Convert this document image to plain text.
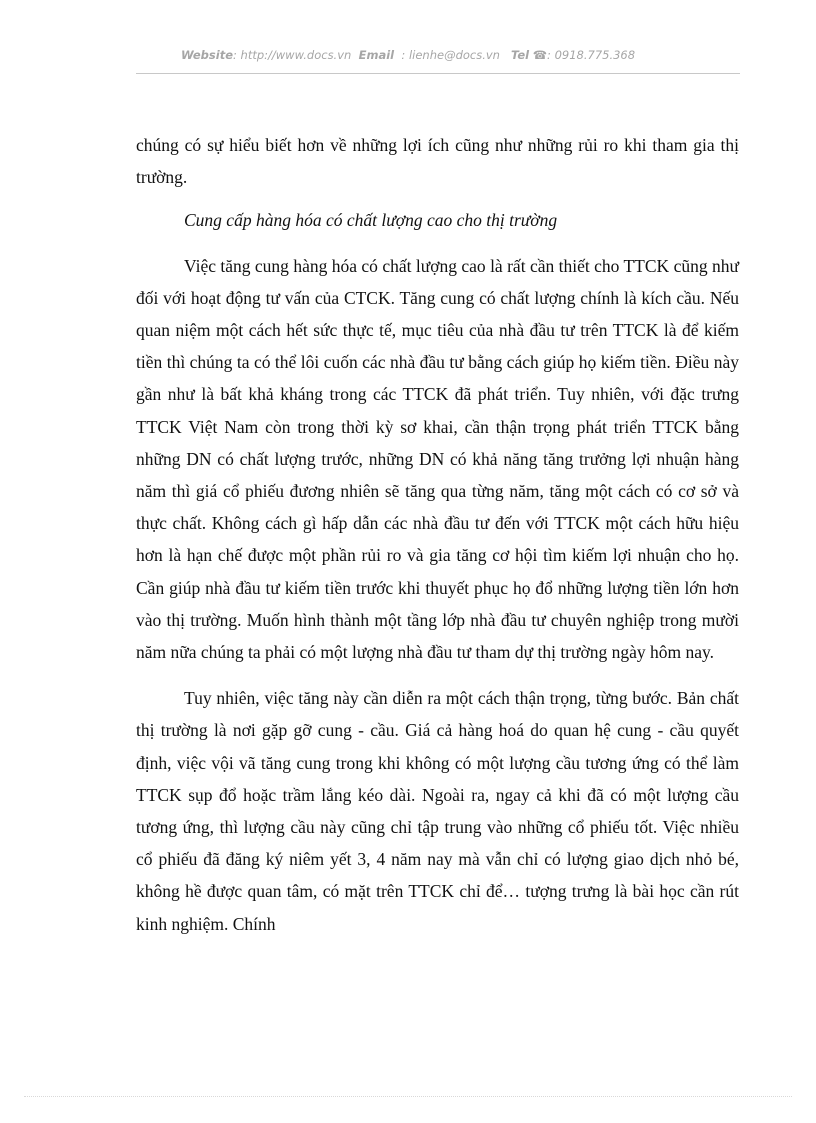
Website: http://www.docs.vn Email : lienhe@docs.vn Tel ☎: 0918.775.368

chúng có sự hiểu biết hơn về những lợi ích cũng như những rủi ro khi tham gia thị trường.

Cung cấp hàng hóa có chất lượng cao cho thị trường

Việc tăng cung hàng hóa có chất lượng cao là rất cần thiết cho TTCK cũng như đối với hoạt động tư vấn của CTCK. Tăng cung có chất lượng chính là kích cầu. Nếu quan niệm một cách hết sức thực tế, mục tiêu của nhà đầu tư trên TTCK là để kiếm tiền thì chúng ta có thể lôi cuốn các nhà đầu tư bằng cách giúp họ kiếm tiền. Điều này gần như là bất khả kháng trong các TTCK đã phát triển. Tuy nhiên, với đặc trưng TTCK Việt Nam còn trong thời kỳ sơ khai, cần thận trọng phát triển TTCK bằng những DN có chất lượng trước, những DN có khả năng tăng trưởng lợi nhuận hàng năm thì giá cổ phiếu đương nhiên sẽ tăng qua từng năm, tăng một cách có cơ sở và thực chất. Không cách gì hấp dẫn các nhà đầu tư đến với TTCK một cách hữu hiệu hơn là hạn chế được một phần rủi ro và gia tăng cơ hội tìm kiếm lợi nhuận cho họ. Cần giúp nhà đầu tư kiếm tiền trước khi thuyết phục họ đổ những lượng tiền lớn hơn vào thị trường. Muốn hình thành một tầng lớp nhà đầu tư chuyên nghiệp trong mười năm nữa chúng ta phải có một lượng nhà đầu tư tham dự thị trường ngày hôm nay.

Tuy nhiên, việc tăng này cần diễn ra một cách thận trọng, từng bước. Bản chất thị trường là nơi gặp gỡ cung - cầu. Giá cả hàng hoá do quan hệ cung - cầu quyết định, việc vội vã tăng cung trong khi không có một lượng cầu tương ứng có thể làm TTCK sụp đổ hoặc trầm lắng kéo dài. Ngoài ra, ngay cả khi đã có một lượng cầu tương ứng, thì lượng cầu này cũng chỉ tập trung vào những cổ phiếu tốt. Việc nhiều cổ phiếu đã đăng ký niêm yết 3, 4 năm nay mà vẫn chỉ có lượng giao dịch nhỏ bé, không hề được quan tâm, có mặt trên TTCK chỉ để… tượng trưng là bài học cần rút kinh nghiệm. Chính
